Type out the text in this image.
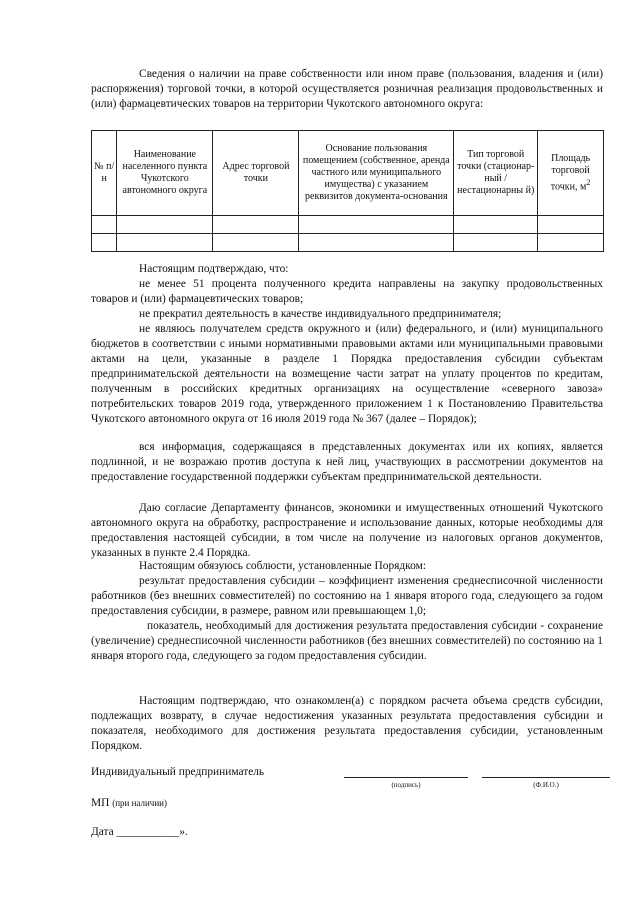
Сведения о наличии на праве собственности или ином праве (пользования, владения и (или) распоряжения) торговой точки, в которой осуществляется розничная реализация продовольственных и (или) фармацевтических товаров на территории Чукотского автономного округа:

№ п/н	Наименование населенного пункта Чукотского автономного округа	Адрес торговой точки	Основание пользования помещением (собственное, аренда частного или муниципального имущества) с указанием реквизитов документа-основания	Тип торговой точки (стационар-ный / нестационарны й)	Площадь торговой точки, $м^2$

Настоящим подтверждаю, что:

не менее 51 процента полученного кредита направлены на закупку продовольственных товаров и (или) фармацевтических товаров;

не прекратил деятельность в качестве индивидуального предпринимателя;

не являюсь получателем средств окружного и (или) федерального, и (или) муниципального бюджетов в соответствии с иными нормативными правовыми актами или муниципальными правовыми актами на цели, указанные в разделе 1 Порядка предоставления субсидии субъектам предпринимательской деятельности на возмещение части затрат на уплату процентов по кредитам, полученным в российских кредитных организациях на осуществление «северного завоза» потребительских товаров 2019 года, утвержденного приложением 1 к Постановлению Правительства Чукотского автономного округа от 16 июля 2019 года № 367 (далее – Порядок);

вся информация, содержащаяся в представленных документах или их копиях, является подлинной, и не возражаю против доступа к ней лиц, участвующих в рассмотрении документов на предоставление государственной поддержки субъектам предпринимательской деятельности.

Даю согласие Департаменту финансов, экономики и имущественных отношений Чукотского автономного округа на обработку, распространение и использование данных, которые необходимы для предоставления настоящей субсидии, в том числе на получение из налоговых органов документов, указанных в пункте 2.4 Порядка.

Настоящим обязуюсь соблюсти, установленные Порядком:

результат предоставления субсидии – коэффициент изменения среднесписочной численности работников (без внешних совместителей) по состоянию на 1 января второго года, следующего за годом предоставления субсидии, в размере, равном или превышающем 1,0;

показатель, необходимый для достижения результата предоставления субсидии - сохранение (увеличение) среднесписочной численности работников (без внешних совместителей) по состоянию на 1 января второго года, следующего за годом предоставления субсидии.

Настоящим подтверждаю, что ознакомлен(а) с порядком расчета объема средств субсидии, подлежащих возврату, в случае недостижения указанных результата предоставления субсидии и показателя, необходимого для достижения результата предоставления субсидии, установленным Порядком.

Индивидуальный предприниматель
(подпись)	(Ф.И.О.)
МП (при наличии)
Дата ___________».
